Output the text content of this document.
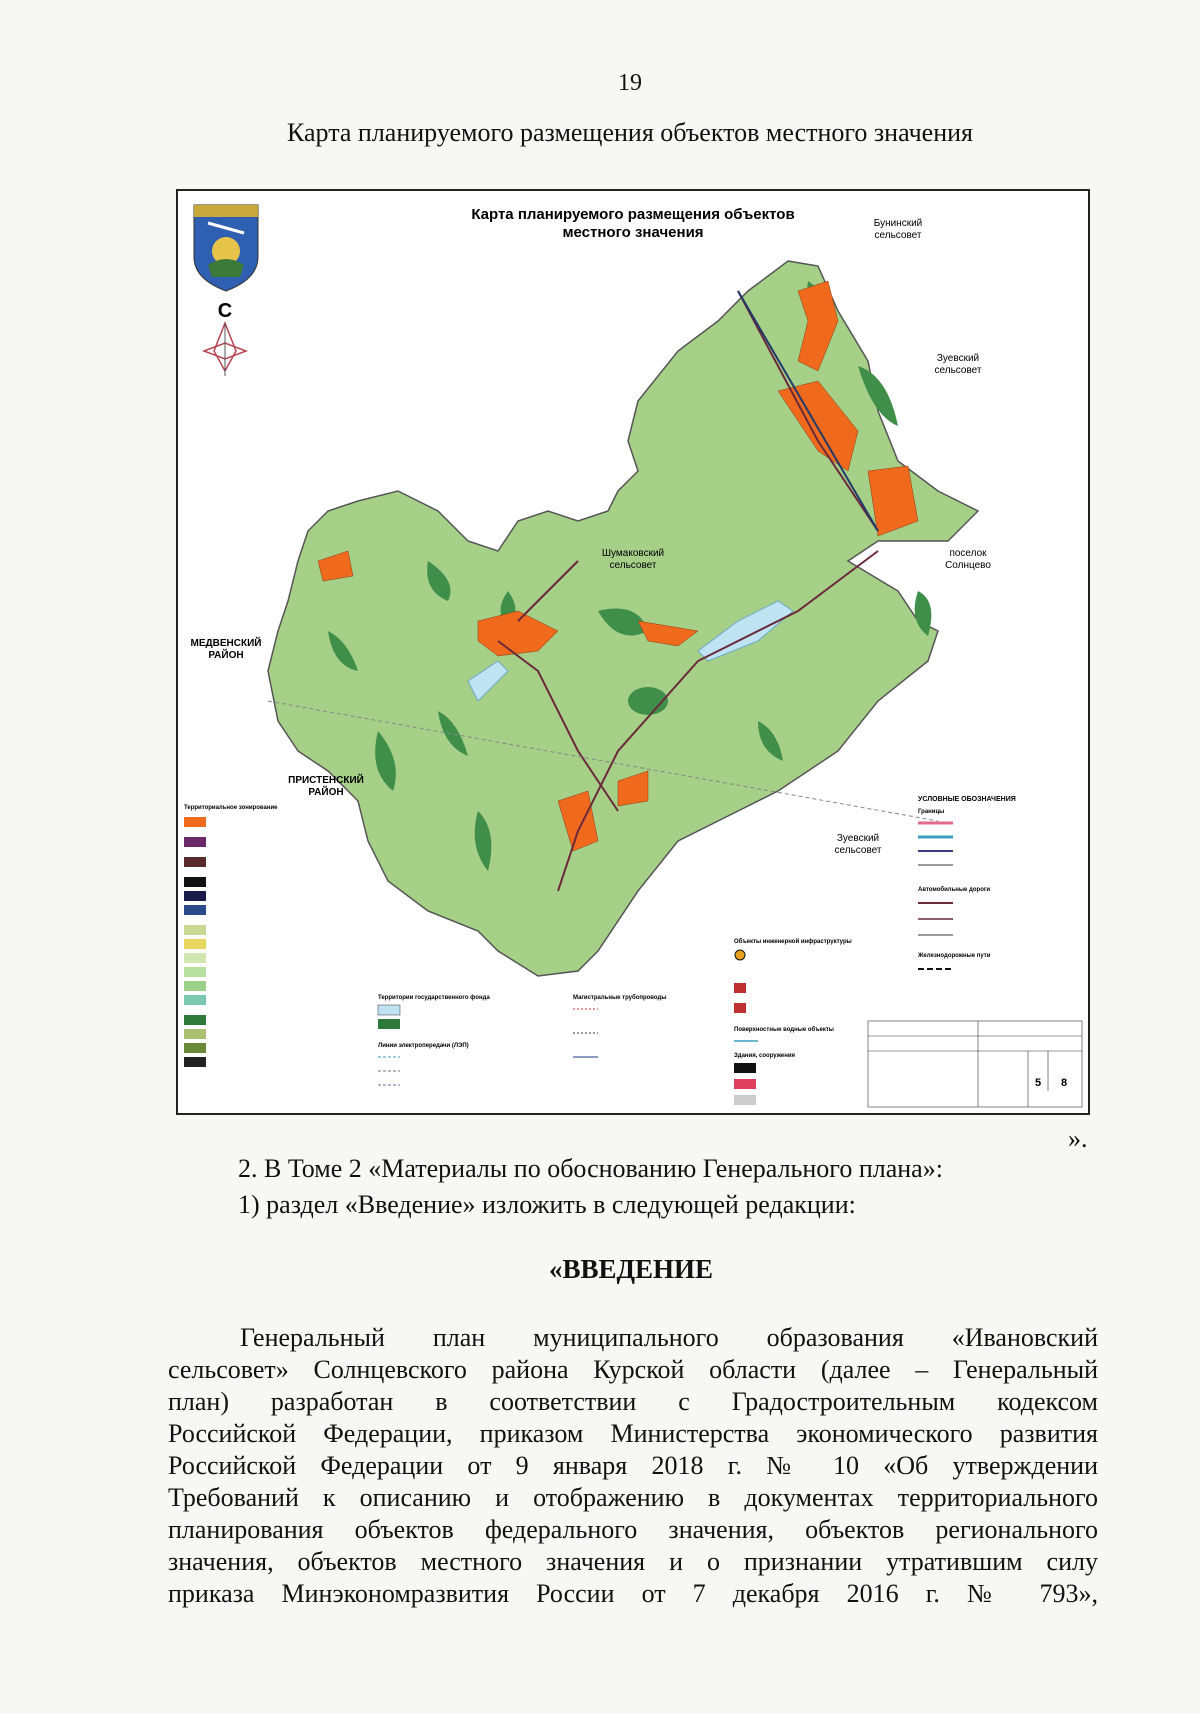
19
Карта планируемого размещения объектов местного значения
С
Карта планируемого размещения объектов
местного значения
Бунинский
сельсовет
Зуевский
сельсовет
Шумаковский
сельсовет
поселок
Солнцево
МЕДВЕНСКИЙ
РАЙОН
ПРИСТЕНСКИЙ
РАЙОН
Зуевский
сельсовет
УСЛОВНЫЕ ОБОЗНАЧЕНИЯ
Границы
Автомобильные дороги
Железнодорожные пути
Территориальное зонирование
Территории государственного фонда
Линии электропередачи (ЛЭП)
Магистральные трубопроводы
Объекты инженерной инфраструктуры
Поверхностные водные объекты
Здания, сооружения
5 8
».
2. В Томе 2 «Материалы по обоснованию Генерального плана»:
1) раздел «Введение» изложить в следующей редакции:
«ВВЕДЕНИЕ
Генеральный план муниципального образования «Ивановский
сельсовет» Солнцевского района Курской области (далее – Генеральный
план) разработан в соответствии с Градостроительным кодексом
Российской Федерации, приказом Министерства экономического развития
Российской Федерации от 9 января 2018 г. № 10 «Об утверждении
Требований к описанию и отображению в документах территориального
планирования объектов федерального значения, объектов регионального
значения, объектов местного значения и о признании утратившим силу
приказа Минэкономразвития России от 7 декабря 2016 г. № 793»,
